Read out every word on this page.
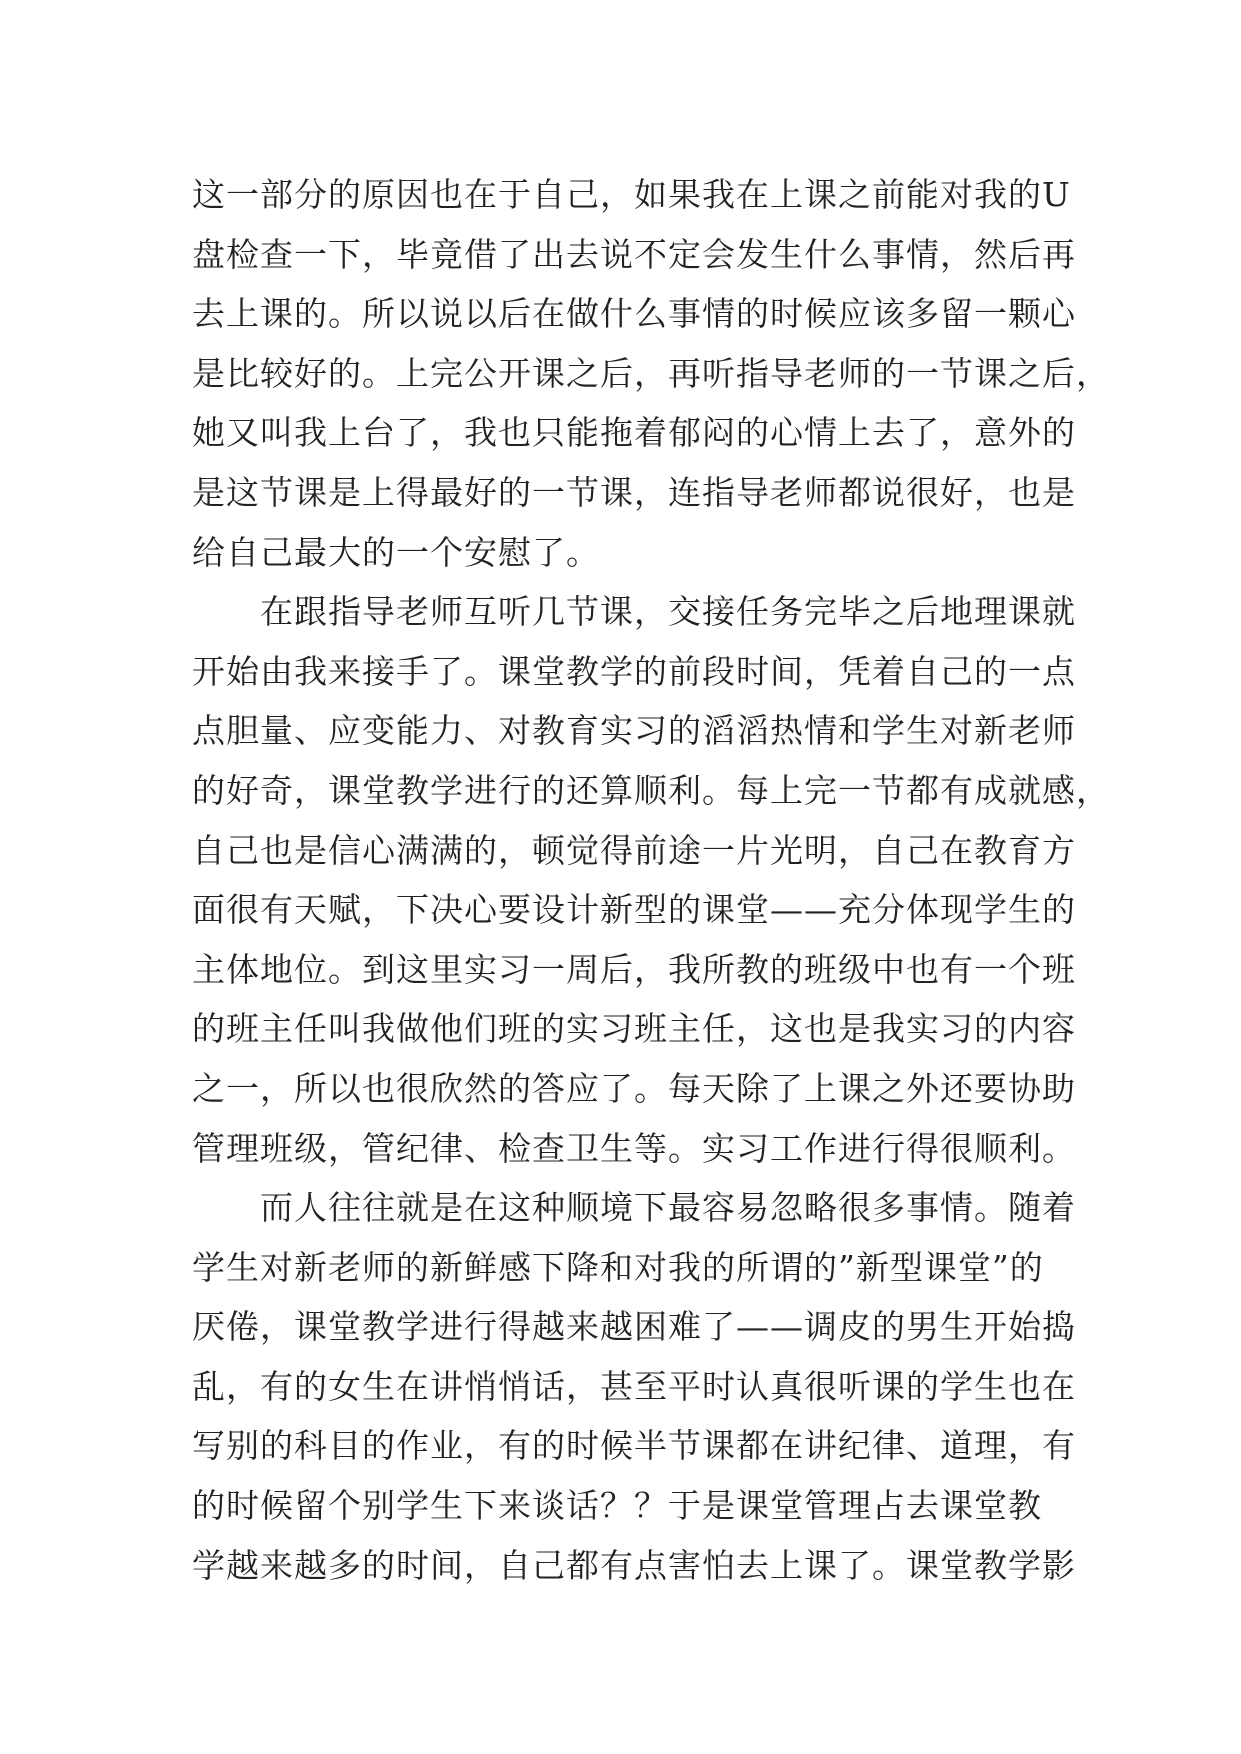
这一部分的原因也在于自己，如果我在上课之前能对我的U
盘检查一下，毕竟借了出去说不定会发生什么事情，然后再
去上课的。所以说以后在做什么事情的时候应该多留一颗心
是比较好的。上完公开课之后，再听指导老师的一节课之后，
她又叫我上台了，我也只能拖着郁闷的心情上去了，意外的
是这节课是上得最好的一节课，连指导老师都说很好，也是
给自己最大的一个安慰了。
　　在跟指导老师互听几节课，交接任务完毕之后地理课就
开始由我来接手了。课堂教学的前段时间，凭着自己的一点
点胆量、应变能力、对教育实习的滔滔热情和学生对新老师
的好奇，课堂教学进行的还算顺利。每上完一节都有成就感，
自己也是信心满满的，顿觉得前途一片光明，自己在教育方
面很有天赋，下决心要设计新型的课堂——充分体现学生的
主体地位。到这里实习一周后，我所教的班级中也有一个班
的班主任叫我做他们班的实习班主任，这也是我实习的内容
之一，所以也很欣然的答应了。每天除了上课之外还要协助
管理班级，管纪律、检查卫生等。实习工作进行得很顺利。
　　而人往往就是在这种顺境下最容易忽略很多事情。随着
学生对新老师的新鲜感下降和对我的所谓的”新型课堂”的
厌倦，课堂教学进行得越来越困难了——调皮的男生开始捣
乱，有的女生在讲悄悄话，甚至平时认真很听课的学生也在
写别的科目的作业，有的时候半节课都在讲纪律、道理，有
的时候留个别学生下来谈话？？于是课堂管理占去课堂教
学越来越多的时间，自己都有点害怕去上课了。课堂教学影
